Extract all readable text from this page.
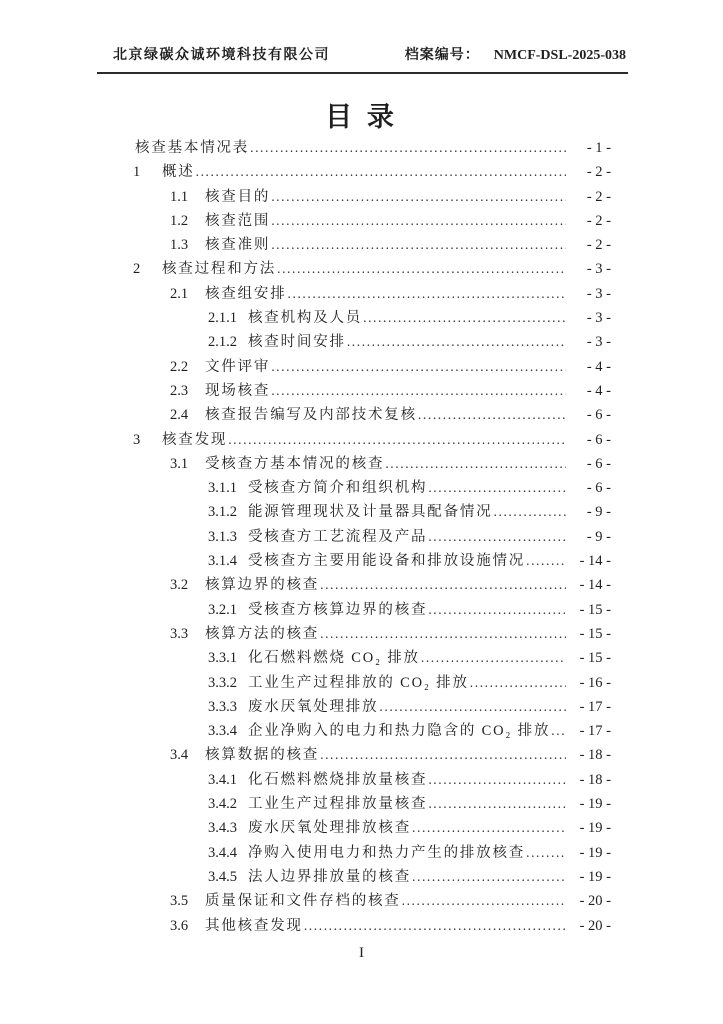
北京绿碳众诚环境科技有限公司	档案编号： NMCF-DSL-2025-038
目 录
核查基本情况表 .....	- 1 -
1	概述 .....	- 2 -
1.1	核查目的 .....	- 2 -
1.2	核查范围 .....	- 2 -
1.3	核查准则 .....	- 2 -
2	核查过程和方法 .....	- 3 -
2.1	核查组安排 .....	- 3 -
2.1.1 核查机构及人员 .....	- 3 -
2.1.2 核查时间安排 .....	- 3 -
2.2	文件评审 .....	- 4 -
2.3	现场核查 .....	- 4 -
2.4	核查报告编写及内部技术复核 .....	- 6 -
3	核查发现 .....	- 6 -
3.1	受核查方基本情况的核查 .....	- 6 -
3.1.1 受核查方简介和组织机构 .....	- 6 -
3.1.2 能源管理现状及计量器具配备情况 .....	- 9 -
3.1.3 受核查方工艺流程及产品 .....	- 9 -
3.1.4 受核查方主要用能设备和排放设施情况 .....	- 14 -
3.2	核算边界的核查 .....	- 14 -
3.2.1 受核查方核算边界的核查 .....	- 15 -
3.3	核算方法的核查 .....	- 15 -
3.3.1 化石燃料燃烧 CO₂ 排放 .....	- 15 -
3.3.2 工业生产过程排放的 CO₂ 排放 .....	- 16 -
3.3.3 废水厌氧处理排放 .....	- 17 -
3.3.4 企业净购入的电力和热力隐含的 CO₂ 排放 .....	- 17 -
3.4	核算数据的核查 .....	- 18 -
3.4.1 化石燃料燃烧排放量核查 .....	- 18 -
3.4.2 工业生产过程排放量核查 .....	- 19 -
3.4.3 废水厌氧处理排放核查 .....	- 19 -
3.4.4 净购入使用电力和热力产生的排放核查 .....	- 19 -
3.4.5 法人边界排放量的核查 .....	- 19 -
3.5	质量保证和文件存档的核查 .....	- 20 -
3.6	其他核查发现 .....	- 20 -
I
